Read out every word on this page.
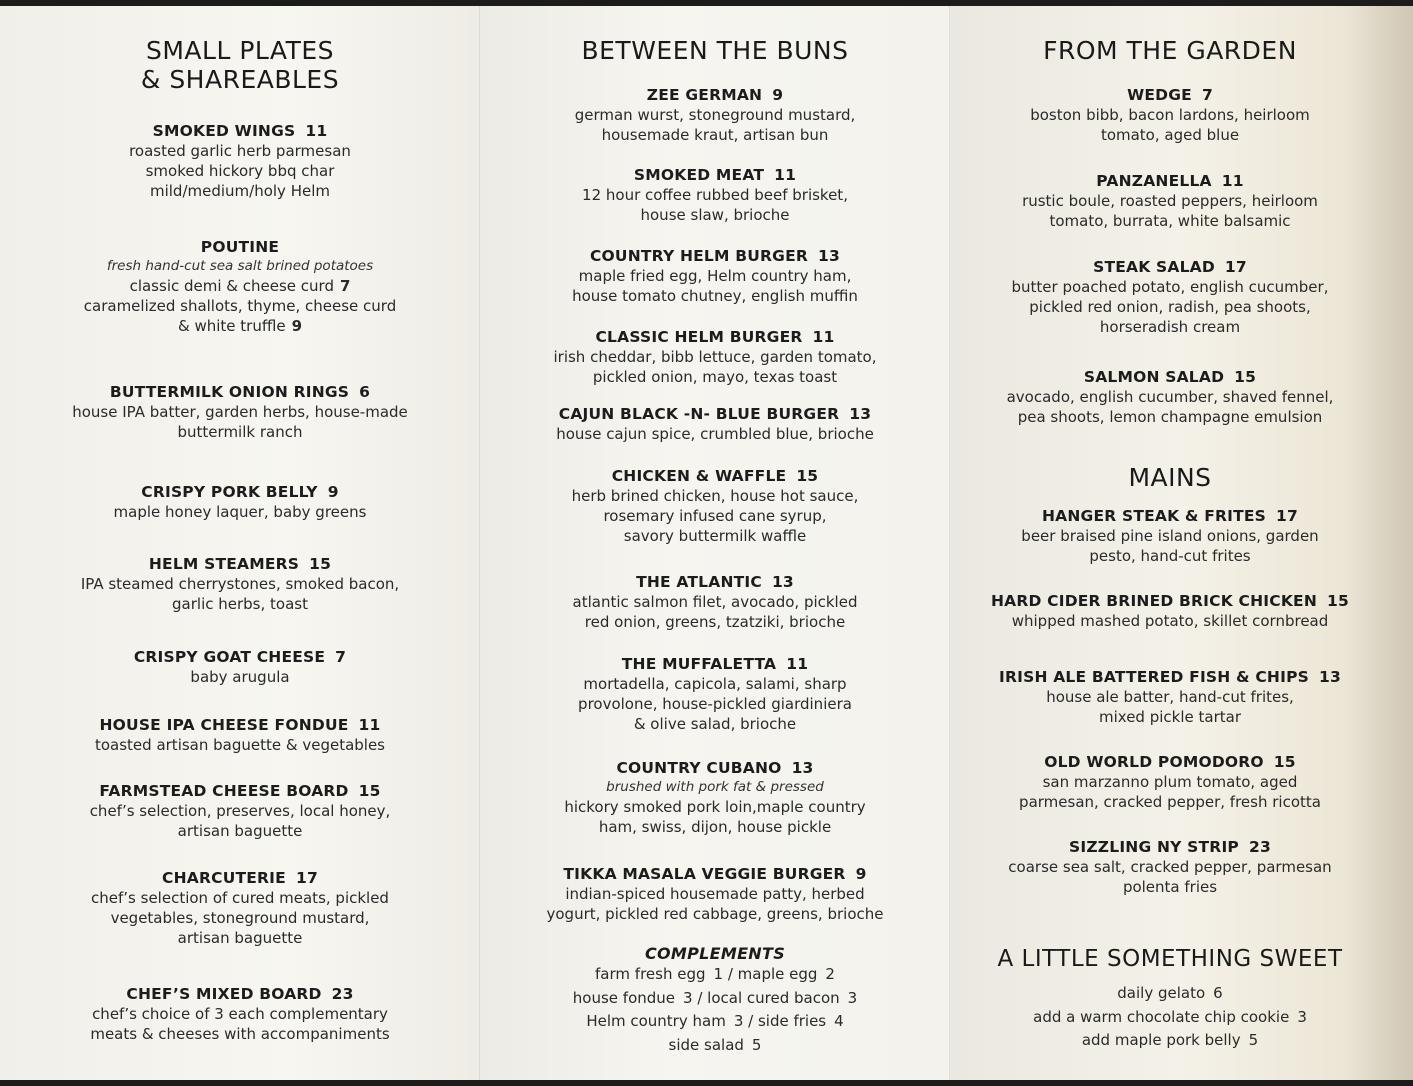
SMALL PLATES
& SHAREABLES
SMOKED WINGS 11
roasted garlic herb parmesan
smoked hickory bbq char
mild/medium/holy Helm
POUTINE
fresh hand-cut sea salt brined potatoes
classic demi & cheese curd 7
caramelized shallots, thyme, cheese curd
& white truffle 9
BUTTERMILK ONION RINGS 6
house IPA batter, garden herbs, house-made
buttermilk ranch
CRISPY PORK BELLY 9
maple honey laquer, baby greens
HELM STEAMERS 15
IPA steamed cherrystones, smoked bacon,
garlic herbs, toast
CRISPY GOAT CHEESE 7
baby arugula
HOUSE IPA CHEESE FONDUE 11
toasted artisan baguette & vegetables
FARMSTEAD CHEESE BOARD 15
chef’s selection, preserves, local honey,
artisan baguette
CHARCUTERIE 17
chef’s selection of cured meats, pickled
vegetables, stoneground mustard,
artisan baguette
CHEF’S MIXED BOARD 23
chef’s choice of 3 each complementary
meats & cheeses with accompaniments
BETWEEN THE BUNS
ZEE GERMAN 9
german wurst, stoneground mustard,
housemade kraut, artisan bun
SMOKED MEAT 11
12 hour coffee rubbed beef brisket,
house slaw, brioche
COUNTRY HELM BURGER 13
maple fried egg, Helm country ham,
house tomato chutney, english muffin
CLASSIC HELM BURGER 11
irish cheddar, bibb lettuce, garden tomato,
pickled onion, mayo, texas toast
CAJUN BLACK -N- BLUE BURGER 13
house cajun spice, crumbled blue, brioche
CHICKEN & WAFFLE 15
herb brined chicken, house hot sauce,
rosemary infused cane syrup,
savory buttermilk waffle
THE ATLANTIC 13
atlantic salmon filet, avocado, pickled
red onion, greens, tzatziki, brioche
THE MUFFALETTA 11
mortadella, capicola, salami, sharp
provolone, house-pickled giardiniera
& olive salad, brioche
COUNTRY CUBANO 13
brushed with pork fat & pressed
hickory smoked pork loin,maple country
ham, swiss, dijon, house pickle
TIKKA MASALA VEGGIE BURGER 9
indian-spiced housemade patty, herbed
yogurt, pickled red cabbage, greens, brioche
COMPLEMENTS
farm fresh egg 1 / maple egg 2
house fondue 3 / local cured bacon 3
Helm country ham 3 / side fries 4
side salad 5
FROM THE GARDEN
WEDGE 7
boston bibb, bacon lardons, heirloom
tomato, aged blue
PANZANELLA 11
rustic boule, roasted peppers, heirloom
tomato, burrata, white balsamic
STEAK SALAD 17
butter poached potato, english cucumber,
pickled red onion, radish, pea shoots,
horseradish cream
SALMON SALAD 15
avocado, english cucumber, shaved fennel,
pea shoots, lemon champagne emulsion
MAINS
HANGER STEAK & FRITES 17
beer braised pine island onions, garden
pesto, hand-cut frites
HARD CIDER BRINED BRICK CHICKEN 15
whipped mashed potato, skillet cornbread
IRISH ALE BATTERED FISH & CHIPS 13
house ale batter, hand-cut frites,
mixed pickle tartar
OLD WORLD POMODORO 15
san marzanno plum tomato, aged
parmesan, cracked pepper, fresh ricotta
SIZZLING NY STRIP 23
coarse sea salt, cracked pepper, parmesan
polenta fries
A LITTLE SOMETHING SWEET
daily gelato 6
add a warm chocolate chip cookie 3
add maple pork belly 5
